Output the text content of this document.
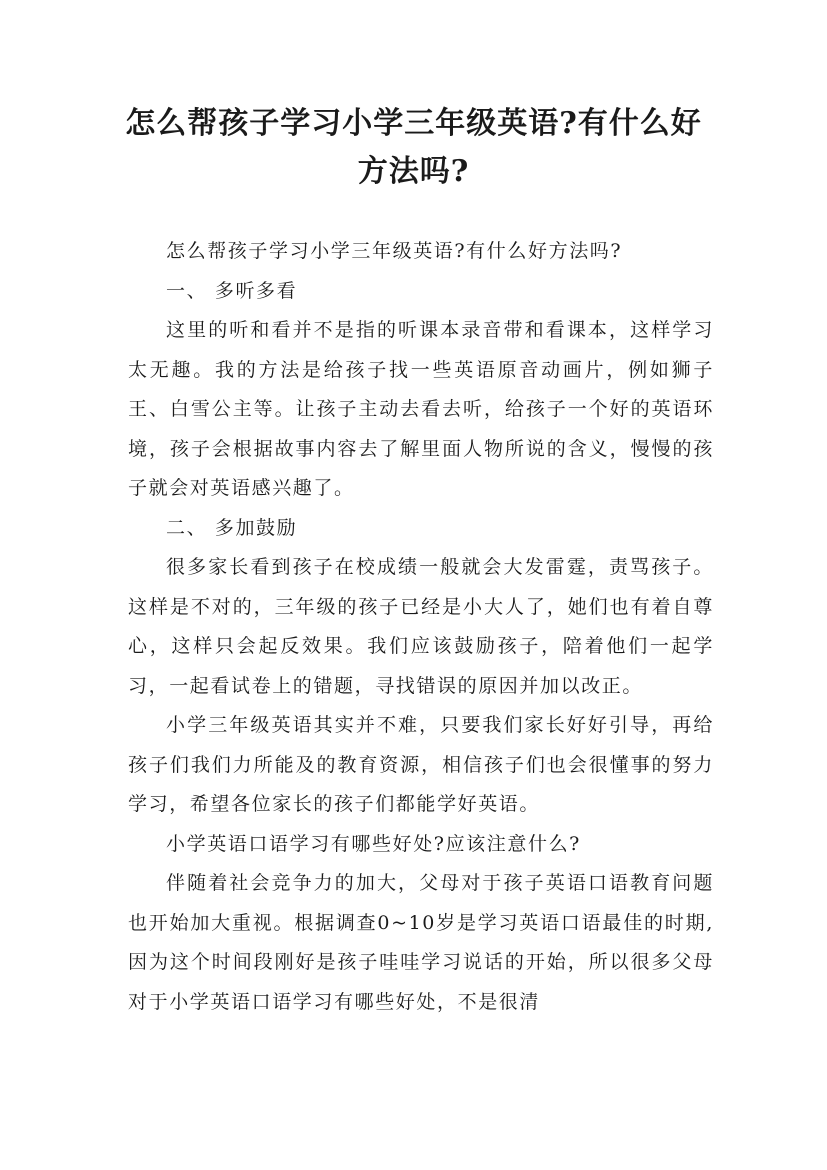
怎么帮孩子学习小学三年级英语?有什么好
方法吗?

怎么帮孩子学习小学三年级英语?有什么好方法吗?

一、 多听多看

这里的听和看并不是指的听课本录音带和看课本，这样学习太无趣。我的方法是给孩子找一些英语原音动画片，例如狮子王、白雪公主等。让孩子主动去看去听，给孩子一个好的英语环境，孩子会根据故事内容去了解里面人物所说的含义，慢慢的孩子就会对英语感兴趣了。

二、 多加鼓励

很多家长看到孩子在校成绩一般就会大发雷霆，责骂孩子。这样是不对的，三年级的孩子已经是小大人了，她们也有着自尊心，这样只会起反效果。我们应该鼓励孩子，陪着他们一起学习，一起看试卷上的错题，寻找错误的原因并加以改正。

小学三年级英语其实并不难，只要我们家长好好引导，再给孩子们我们力所能及的教育资源，相信孩子们也会很懂事的努力学习，希望各位家长的孩子们都能学好英语。

小学英语口语学习有哪些好处?应该注意什么?

伴随着社会竞争力的加大，父母对于孩子英语口语教育问题也开始加大重视。根据调查0~10岁是学习英语口语最佳的时期,因为这个时间段刚好是孩子哇哇学习说话的开始，所以很多父母对于小学英语口语学习有哪些好处，不是很清
